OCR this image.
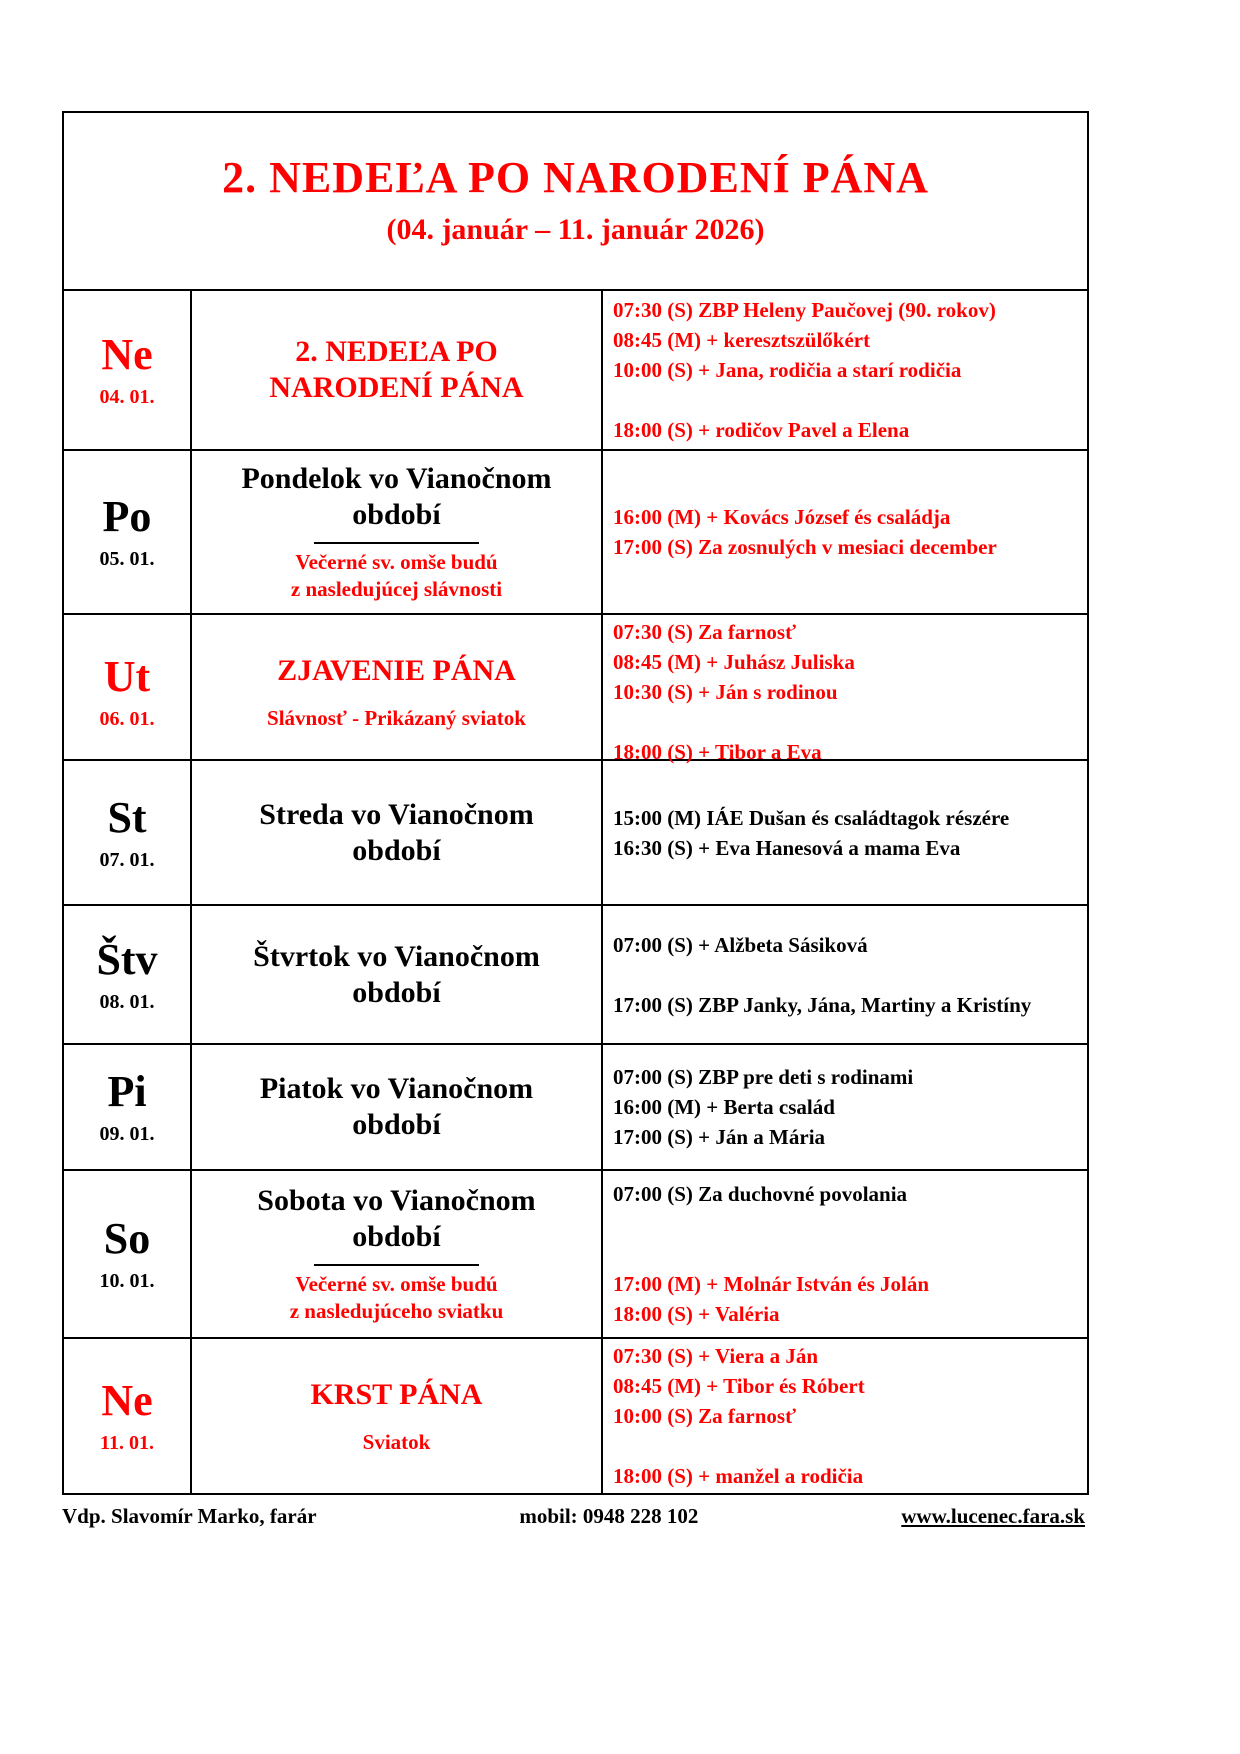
2. NEDEĽA PO NARODENÍ PÁNA
(04. január – 11. január 2026)
Ne
04. 01.
2. NEDEĽA PO
NARODENÍ PÁNA
07:30 (S) ZBP Heleny Paučovej (90. rokov)
08:45 (M) + keresztszülőkért
10:00 (S) + Jana, rodičia a starí rodičia
18:00 (S) + rodičov Pavel a Elena
Po
05. 01.
Pondelok vo Vianočnom
období
Večerné sv. omše budú
z nasledujúcej slávnosti
16:00 (M) + Kovács József és családja
17:00 (S) Za zosnulých v mesiaci december
Ut
06. 01.
ZJAVENIE PÁNA
Slávnosť - Prikázaný sviatok
07:30 (S) Za farnosť
08:45 (M) + Juhász Juliska
10:30 (S) + Ján s rodinou
18:00 (S) + Tibor a Eva
St
07. 01.
Streda vo Vianočnom
období
15:00 (M) IÁE Dušan és családtagok részére
16:30 (S) + Eva Hanesová a mama Eva
Štv
08. 01.
Štvrtok vo Vianočnom
období
07:00 (S) + Alžbeta Sásiková
17:00 (S) ZBP Janky, Jána, Martiny a Kristíny
Pi
09. 01.
Piatok vo Vianočnom
období
07:00 (S) ZBP pre deti s rodinami
16:00 (M) + Berta család
17:00 (S) + Ján a Mária
So
10. 01.
Sobota vo Vianočnom
období
Večerné sv. omše budú
z nasledujúceho sviatku
07:00 (S) Za duchovné povolania
17:00 (M) + Molnár István és Jolán
18:00 (S) + Valéria
Ne
11. 01.
KRST PÁNA
Sviatok
07:30 (S) + Viera a Ján
08:45 (M) + Tibor és Róbert
10:00 (S) Za farnosť
18:00 (S) + manžel a rodičia
Vdp. Slavomír Marko, farár	mobil: 0948 228 102	www.lucenec.fara.sk
